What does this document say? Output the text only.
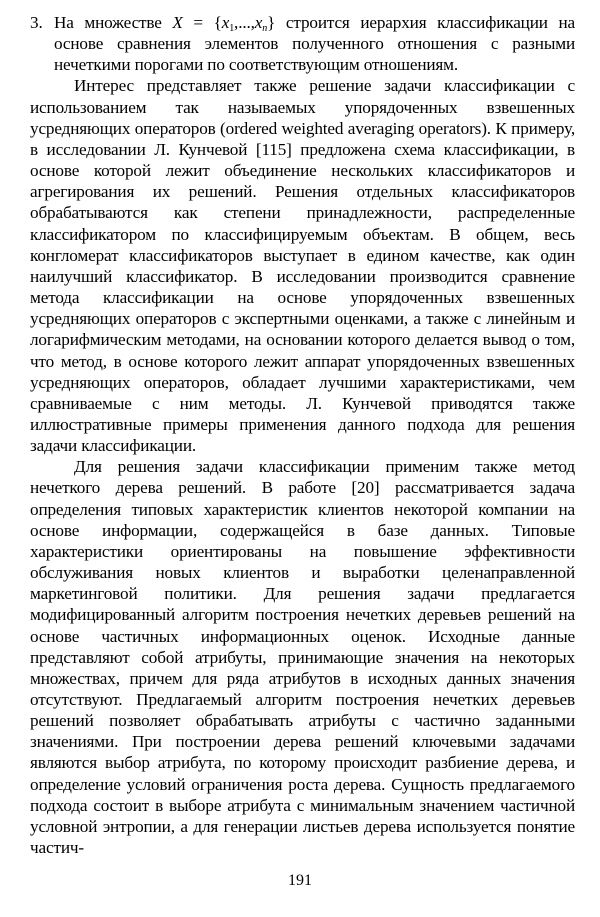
3. На множестве $X = \{x_1,...,x_n\}$ строится иерархия классификации на основе сравнения элементов полученного отношения с разными нечеткими порогами по соответствующим отношениям.

Интерес представляет также решение задачи классификации с использованием так называемых упорядоченных взвешенных усредняющих операторов (ordered weighted averaging operators). К примеру, в исследовании Л. Кунчевой [115] предложена схема классификации, в основе которой лежит объединение нескольких классификаторов и агрегирования их решений. Решения отдельных классификаторов обрабатываются как степени принадлежности, распределенные классификатором по классифицируемым объектам. В общем, весь конгломерат классификаторов выступает в едином качестве, как один наилучший классификатор. В исследовании производится сравнение метода классификации на основе упорядоченных взвешенных усредняющих операторов с экспертными оценками, а также с линейным и логарифмическим методами, на основании которого делается вывод о том, что метод, в основе которого лежит аппарат упорядоченных взвешенных усредняющих операторов, обладает лучшими характеристиками, чем сравниваемые с ним методы. Л. Кунчевой приводятся также иллюстративные примеры применения данного подхода для решения задачи классификации.

Для решения задачи классификации применим также метод нечеткого дерева решений. В работе [20] рассматривается задача определения типовых характеристик клиентов некоторой компании на основе информации, содержащейся в базе данных. Типовые характеристики ориентированы на повышение эффективности обслуживания новых клиентов и выработки целенаправленной маркетинговой политики. Для решения задачи предлагается модифицированный алгоритм построения нечетких деревьев решений на основе частичных информационных оценок. Исходные данные представляют собой атрибуты, принимающие значения на некоторых множествах, причем для ряда атрибутов в исходных данных значения отсутствуют. Предлагаемый алгоритм построения нечетких деревьев решений позволяет обрабатывать атрибуты с частично заданными значениями. При построении дерева решений ключевыми задачами являются выбор атрибута, по которому происходит разбиение дерева, и определение условий ограничения роста дерева. Сущность предлагаемого подхода состоит в выборе атрибута с минимальным значением частичной условной энтропии, а для генерации листьев дерева используется понятие частич-

191
